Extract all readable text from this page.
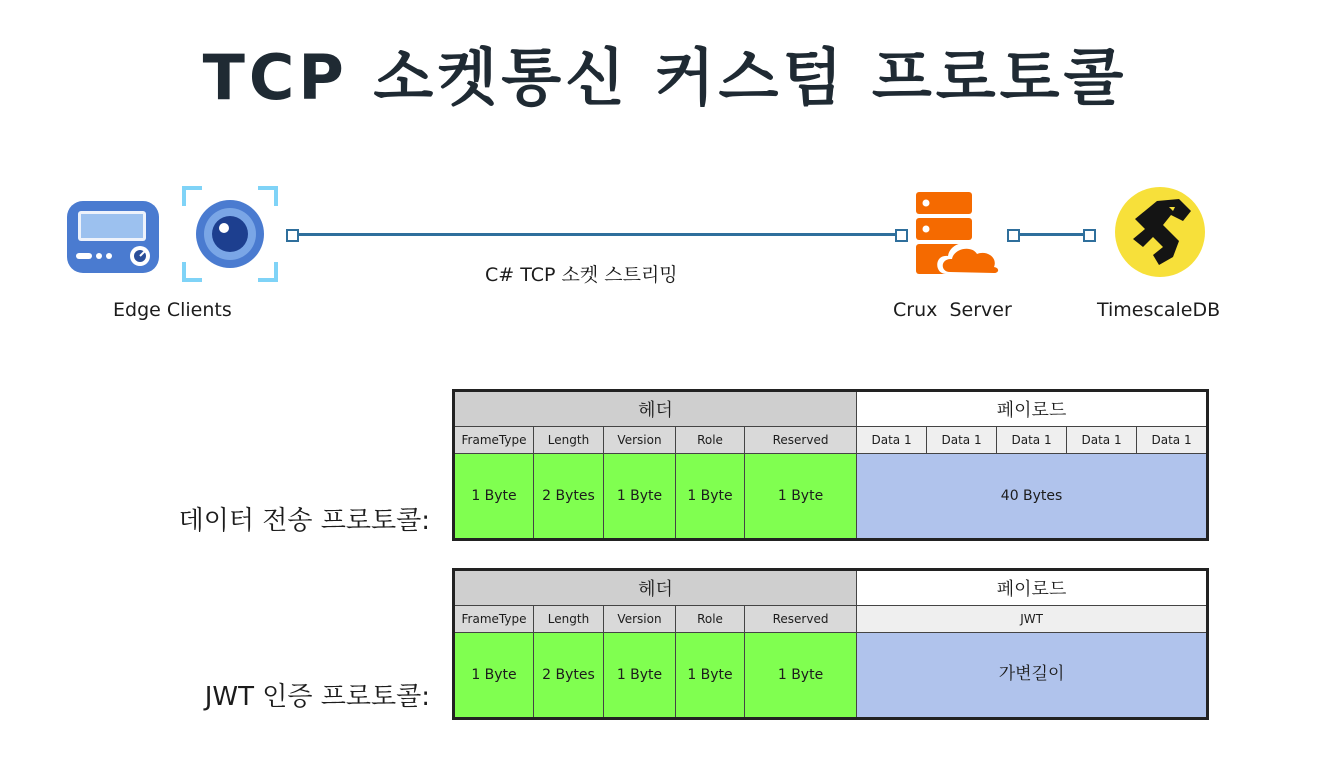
TCP 소켓통신 커스텀 프로토콜
Edge Clients
C# TCP 소켓 스트리밍
Crux  Server	TimescaleDB
데이터 전송 프로토콜:
헤더					페이로드				
FrameType	Length	Version	Role	Reserved	Data 1	Data 1	Data 1	Data 1	Data 1
1 Byte	2 Bytes	1 Byte	1 Byte	1 Byte	40 Bytes				
JWT 인증 프로토콜:
헤더					페이로드
FrameType	Length	Version	Role	Reserved	JWT
1 Byte	2 Bytes	1 Byte	1 Byte	1 Byte	가변길이
